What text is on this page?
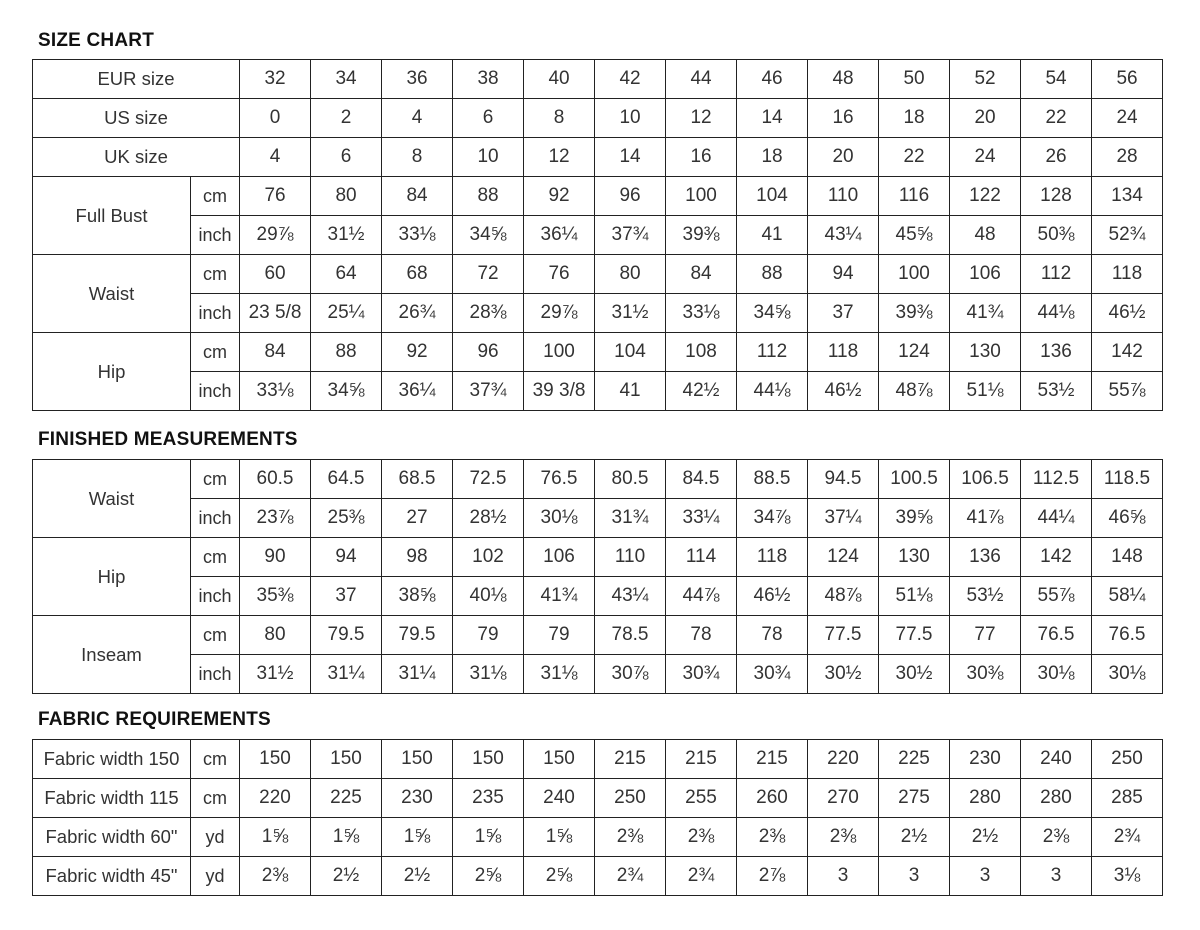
SIZE CHART
EUR size		32	34	36	38	40	42	44	46	48	50	52	54	56
US size		0	2	4	6	8	10	12	14	16	18	20	22	24
UK size		4	6	8	10	12	14	16	18	20	22	24	26	28
Full Bust	cm	76	80	84	88	92	96	100	104	110	116	122	128	134
	inch	29⅞	31½	33⅛	34⅝	36¼	37¾	39⅜	41	43¼	45⅝	48	50⅜	52¾
Waist	cm	60	64	68	72	76	80	84	88	94	100	106	112	118
	inch	23 5/8	25¼	26¾	28⅜	29⅞	31½	33⅛	34⅝	37	39⅜	41¾	44⅛	46½
Hip	cm	84	88	92	96	100	104	108	112	118	124	130	136	142
	inch	33⅛	34⅝	36¼	37¾	39 3/8	41	42½	44⅛	46½	48⅞	51⅛	53½	55⅞
FINISHED MEASUREMENTS
Waist	cm	60.5	64.5	68.5	72.5	76.5	80.5	84.5	88.5	94.5	100.5	106.5	112.5	118.5
	inch	23⅞	25⅜	27	28½	30⅛	31¾	33¼	34⅞	37¼	39⅝	41⅞	44¼	46⅝
Hip	cm	90	94	98	102	106	110	114	118	124	130	136	142	148
	inch	35⅜	37	38⅝	40⅛	41¾	43¼	44⅞	46½	48⅞	51⅛	53½	55⅞	58¼
Inseam	cm	80	79.5	79.5	79	79	78.5	78	78	77.5	77.5	77	76.5	76.5
	inch	31½	31¼	31¼	31⅛	31⅛	30⅞	30¾	30¾	30½	30½	30⅜	30⅛	30⅛
FABRIC REQUIREMENTS
Fabric width 150	cm	150	150	150	150	150	215	215	215	220	225	230	240	250
Fabric width 115	cm	220	225	230	235	240	250	255	260	270	275	280	280	285
Fabric width 60"	yd	1⅝	1⅝	1⅝	1⅝	1⅝	2⅜	2⅜	2⅜	2⅜	2½	2½	2⅜	2¾
Fabric width 45"	yd	2⅜	2½	2½	2⅝	2⅝	2¾	2¾	2⅞	3	3	3	3	3⅛
